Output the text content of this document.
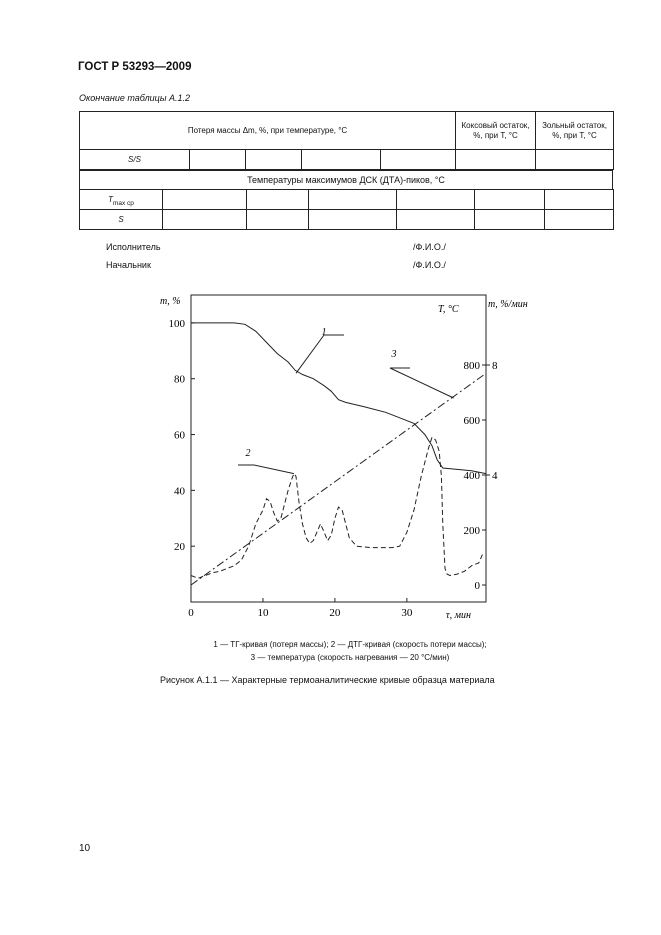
ГОСТ Р 53293—2009
Окончание таблицы А.1.2
Потеря массы Δm, %, при температуре, °С					Коксовый остаток, %, при Т, °С	Зольный остаток, %, при Т, °С
S/S						
Температуры максимумов ДСК (ДТА)-пиков, °С
$T_{max ср}$						
S						
Исполнитель	/Ф.И.О./
Начальник	/Ф.И.О./
20
40
60
80
100
0
200
400
600
800
4
8
0	10	20	30
m, %
T, °С	m, %/мин
τ, мин
1
2
3
1 — ТГ-кривая (потеря массы); 2 — ДТГ-кривая (скорость потери массы);
3 — температура (скорость нагревания — 20 °С/мин)
Рисунок А.1.1 — Характерные термоаналитические кривые образца материала
10
